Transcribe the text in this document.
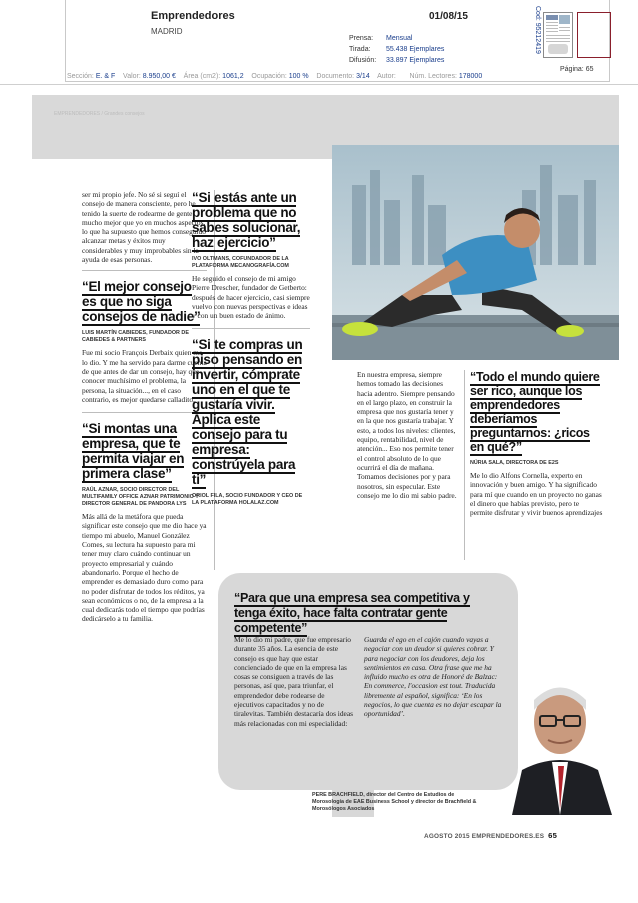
Emprendedores
MADRID
01/08/15
Prensa: Mensual
Tirada: 55.438 Ejemplares
Difusión: 33.897 Ejemplares
Cod: 95212419
Página: 65
Sección: E. & F Valor: 8.950,00 € Área (cm2): 1061,2 Ocupación: 100 % Documento: 3/14 Autor: Núm. Lectores: 178000
EMPRENDEDORES / Grandes consejos

ser mi propio jefe. No sé si seguí el consejo de manera consciente, pero he tenido la suerte de rodearme de gente mucho mejor que yo en muchos aspectos, lo que ha supuesto que hemos conseguido alcanzar metas y éxitos muy considerables y muy improbables sin la ayuda de esas personas.

“El mejor consejo es que no siga consejos de nadie”

LUIS MARTÍN CABIEDES, FUNDADOR DE CABIEDES & PARTNERS

Fue mi socio François Derbaix quien me lo dio. Y me ha servido para darme cuenta de que antes de dar un consejo, hay que conocer muchísimo el problema, la persona, la situación..., en el caso contrario, es mejor quedarse calladito.

“Si montas una empresa, que te permita viajar en primera clase”

RAÚL AZNAR, SOCIO DIRECTOR DEL MULTIFAMILY OFFICE AZNAR PATRIMONIO Y DIRECTOR GENERAL DE PANDORA LYS

Más allá de la metáfora que pueda significar este consejo que me dio hace ya tiempo mi abuelo, Manuel González Comes, su lectura ha supuesto para mi tener muy claro cuándo continuar un proyecto empresarial y cuándo abandonarlo. Porque el hecho de emprender es demasiado duro como para no poder disfrutar de todos los réditos, ya sean económicos o no, de la empresa a la cual dedicarás todo el tiempo que podrías dedicárselo a tu familia.

“Si estás ante un problema que no sabes solucionar, haz ejercicio”

IVO OLTMANS, COFUNDADOR DE LA PLATAFORMA MECANOGRAFÍA.COM

He seguido el consejo de mi amigo Pierre Drescher, fundador de Getberto: después de hacer ejercicio, casi siempre vuelvo con nuevas perspectivas e ideas y con un buen estado de ánimo.

“Si te compras un piso pensando en invertir, cómprate uno en el que te gustaría vivir. Aplica este consejo para tu empresa: constrúyela para ti”

ORIOL FILA, SOCIO FUNDADOR Y CEO DE LA PLATAFORMA HOLALAZ.COM

En nuestra empresa, siempre hemos tomado las decisiones hacia adentro. Siempre pensando en el largo plazo, en construir la empresa que nos gustaría tener y en la que nos gustaría trabajar. Y esto, a todos los niveles: clientes, equipo, rentabilidad, nivel de atención... Eso nos permite tener el control absoluto de lo que ocurrirá el día de mañana. Tomamos decisiones por y para nosotros, sin especular. Este consejo me lo dio mi sabio padre.

“Todo el mundo quiere ser rico, aunque los emprendedores deberíamos preguntarnos: ¿ricos en qué?”

NÚRIA SALA, DIRECTORA DE E2S

Me lo dio Alfons Cornella, experto en innovación y buen amigo. Y ha significado para mí que cuando en un proyecto no ganas el dinero que habías previsto, pero te permite disfrutar y vivir buenos aprendizajes

“Para que una empresa sea competitiva y tenga éxito, hace falta contratar gente competente”

Me lo dio mi padre, que fue empresario durante 35 años. La esencia de este consejo es que hay que estar concienciado de que en la empresa las cosas se consiguen a través de las personas, así que, para triunfar, el emprendedor debe rodearse de ejecutivos capacitados y no de tiralevitas. También destacaría dos ideas más relacionadas con mi especialidad:

Guarda el ego en el cajón cuando vayas a negociar con un deudor si quieres cobrar. Y para negociar con los deudores, deja los sentimientos en casa. Otra frase que me ha influido mucho es otra de Honoré de Balzac: En commerce, l'occasion est tout. Traducida libremente al español, significa: ‘En los negocios, lo que cuenta es no dejar escapar la oportunidad’.

PERE BRACHFIELD, director del Centro de Estudios de Morosología de EAE Business School y director de Brachfield & Morosólogos Asociados

AGOSTO 2015 EMPRENDEDORES.ES 65
